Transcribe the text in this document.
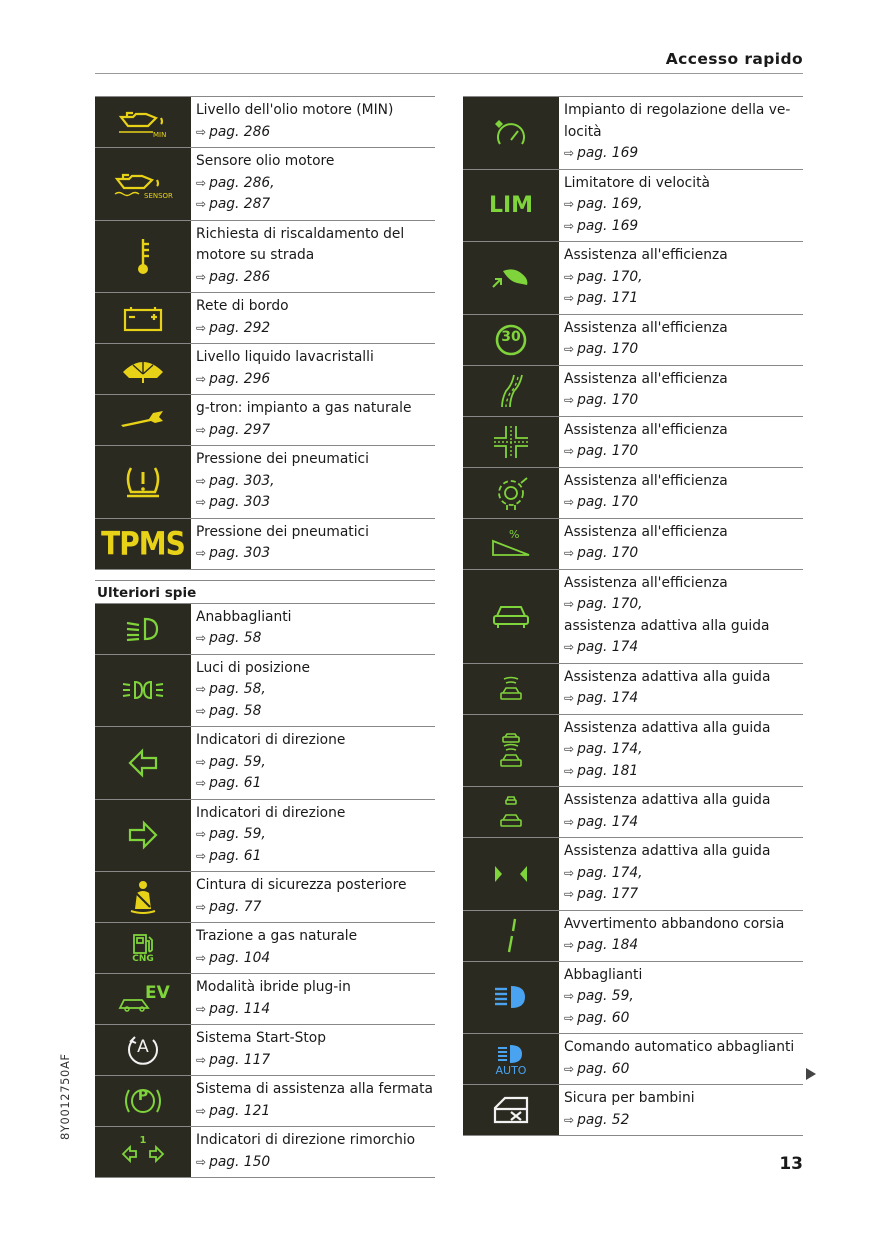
Accesso rapido
MIN	Livello dell'olio motore (MIN)
⇨ pag. 286

SENSOR	Sensore olio motore
⇨ pag. 286,
⇨ pag. 287

Richiesta di riscaldamento del
motore su strada
⇨ pag. 286

Rete di bordo
⇨ pag. 292

Livello liquido lavacristalli
⇨ pag. 296

g-tron: impianto a gas naturale
⇨ pag. 297

Pressione dei pneumatici
⇨ pag. 303,
⇨ pag. 303

TPMS	Pressione dei pneumatici
⇨ pag. 303
Ulteriori spie

Anabbaglianti
⇨ pag. 58

Luci di posizione
⇨ pag. 58,
⇨ pag. 58

Indicatori di direzione
⇨ pag. 59,
⇨ pag. 61

Indicatori di direzione
⇨ pag. 59,
⇨ pag. 61

Cintura di sicurezza posteriore
⇨ pag. 77

CNG	Trazione a gas naturale
⇨ pag. 104

EV	Modalità ibride plug-in
⇨ pag. 114

A	Sistema Start-Stop
⇨ pag. 117

P	Sistema di assistenza alla fermata
⇨ pag. 121

1	Indicatori di direzione rimorchio
⇨ pag. 150

Impianto di regolazione della ve-
locità
⇨ pag. 169

LIM	Limitatore di velocità
⇨ pag. 169,
⇨ pag. 169

Assistenza all'efficienza
⇨ pag. 170,
⇨ pag. 171

30	Assistenza all'efficienza
⇨ pag. 170

Assistenza all'efficienza
⇨ pag. 170

Assistenza all'efficienza
⇨ pag. 170

Assistenza all'efficienza
⇨ pag. 170

%	Assistenza all'efficienza
⇨ pag. 170

Assistenza all'efficienza
⇨ pag. 170,
assistenza adattiva alla guida
⇨ pag. 174

Assistenza adattiva alla guida
⇨ pag. 174

Assistenza adattiva alla guida
⇨ pag. 174,
⇨ pag. 181

Assistenza adattiva alla guida
⇨ pag. 174

Assistenza adattiva alla guida
⇨ pag. 174,
⇨ pag. 177

Avvertimento abbandono corsia
⇨ pag. 184

Abbaglianti
⇨ pag. 59,
⇨ pag. 60

AUTO	Comando automatico abbaglianti
⇨ pag. 60

Sicura per bambini
⇨ pag. 52
8Y0012750AF
13
